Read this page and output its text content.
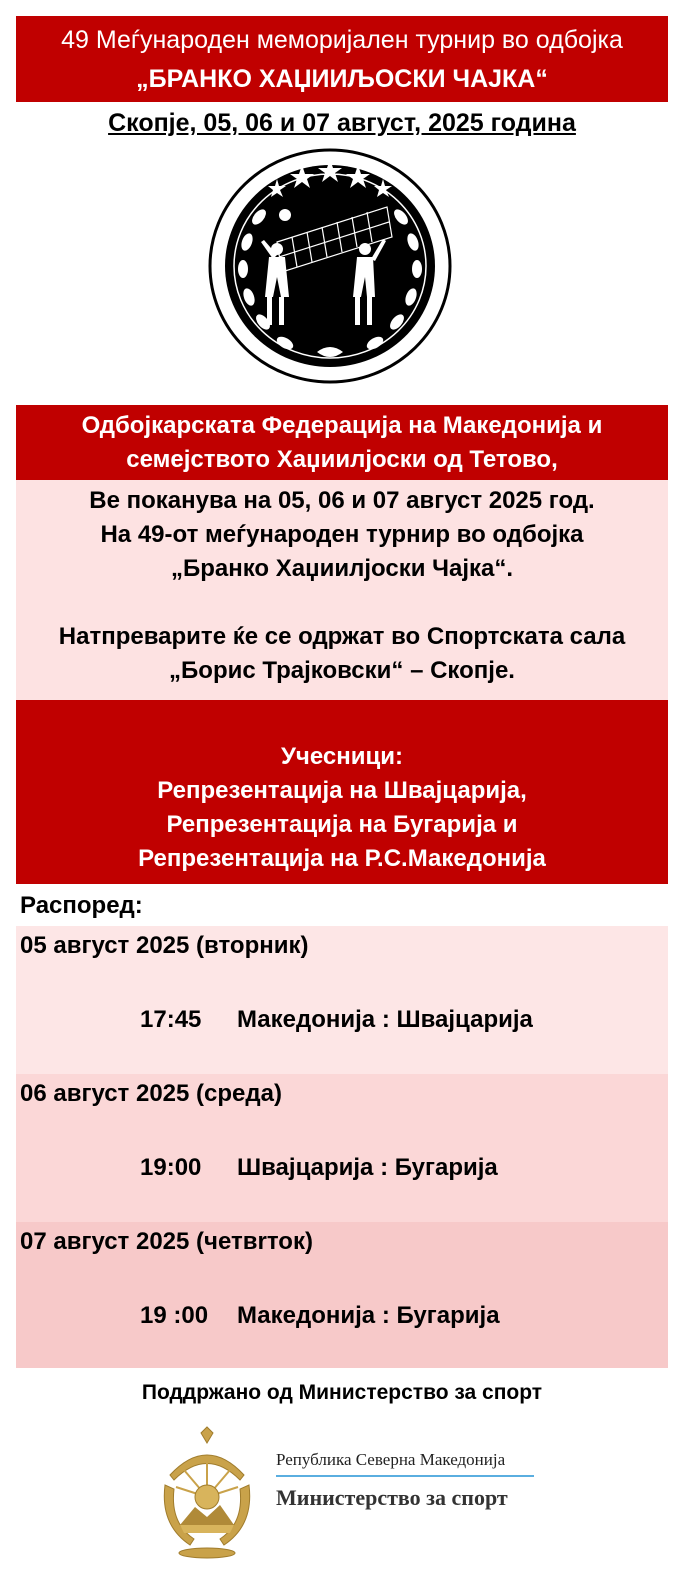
49 Меѓународен меморијален турнир во одбојка
„БРАНКО ХАЏИИЉОСКИ ЧАЈКА“
Скопје, 05, 06 и 07 август, 2025 година
Одбојкарската Федерација на Македонија и
семејството Хаџиилјоски од Тетово,
Ве поканува на 05, 06 и 07 август 2025 год.
На 49-от меѓународен турнир во одбојка
„Бранко Хаџиилјоски Чајка“.
Натпреварите ќе се одржат во Спортската сала
„Борис Трајковски“ – Скопје.
Учесници:
Репрезентација на Швајцарија,
Репрезентација на Бугарија и
Репрезентација на Р.С.Македонија
Распоред:
05 август 2025 (вторник)
17:45 Македонија : Швајцарија
06 август 2025 (среда)
19:00 Швајцарија : Бугарија
07 август 2025 (четвrток)
19 :00 Македонија : Бугарија
Поддржано од Министерство за спорт
Република Северна Македонија
Министерство за спорт
